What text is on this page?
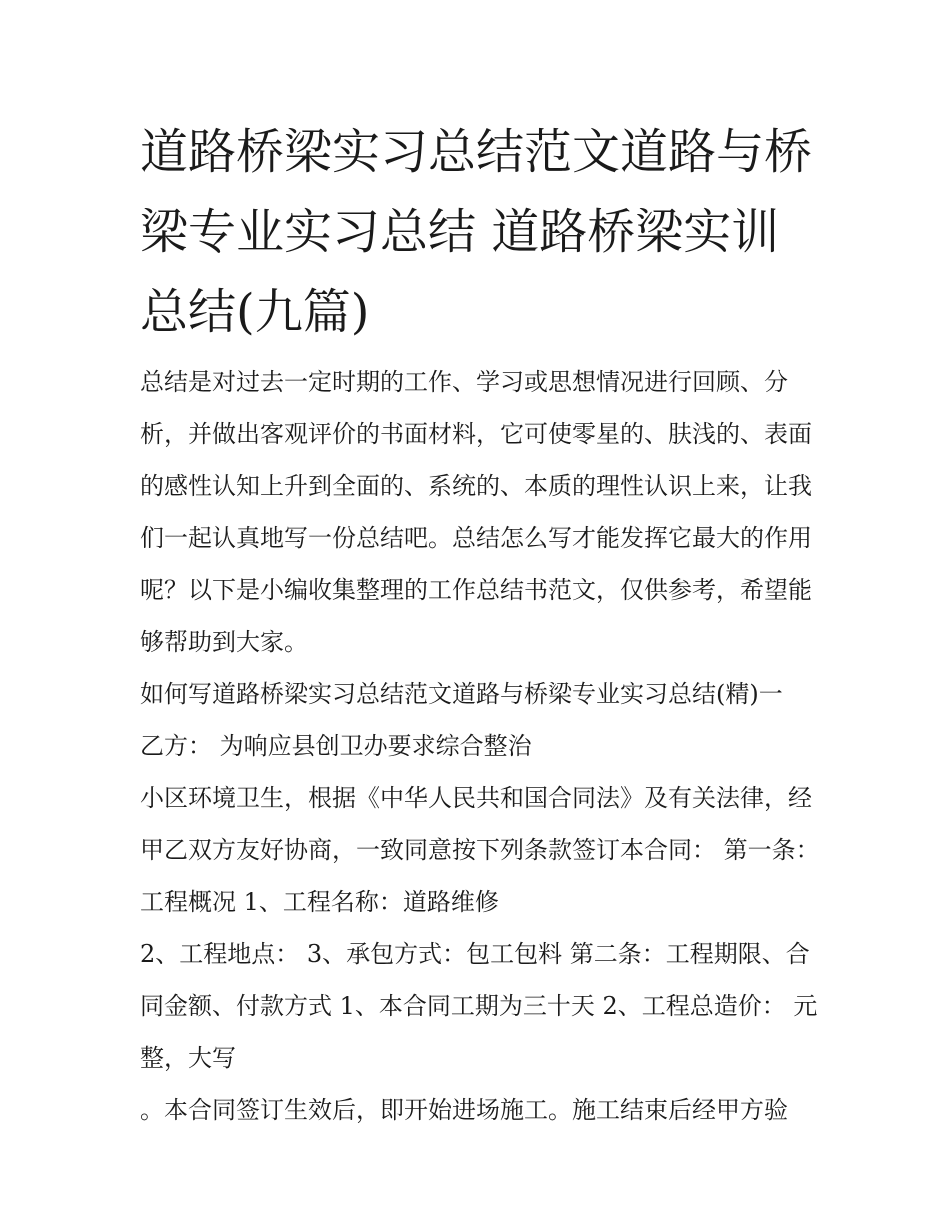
道路桥梁实习总结范文道路与桥梁专业实习总结 道路桥梁实训总结(九篇)

总结是对过去一定时期的工作、学习或思想情况进行回顾、分析，并做出客观评价的书面材料，它可使零星的、肤浅的、表面的感性认知上升到全面的、系统的、本质的理性认识上来，让我们一起认真地写一份总结吧。总结怎么写才能发挥它最大的作用呢？以下是小编收集整理的工作总结书范文，仅供参考，希望能够帮助到大家。

如何写道路桥梁实习总结范文道路与桥梁专业实习总结(精)一

乙方： 为响应县创卫办要求综合整治

小区环境卫生，根据《中华人民共和国合同法》及有关法律，经甲乙双方友好协商，一致同意按下列条款签订本合同： 第一条：工程概况 1、工程名称：道路维修

2、工程地点： 3、承包方式：包工包料 第二条：工程期限、合同金额、付款方式 1、本合同工期为三十天 2、工程总造价： 元整，大写

。本合同签订生效后，即开始进场施工。施工结束后经甲方验
